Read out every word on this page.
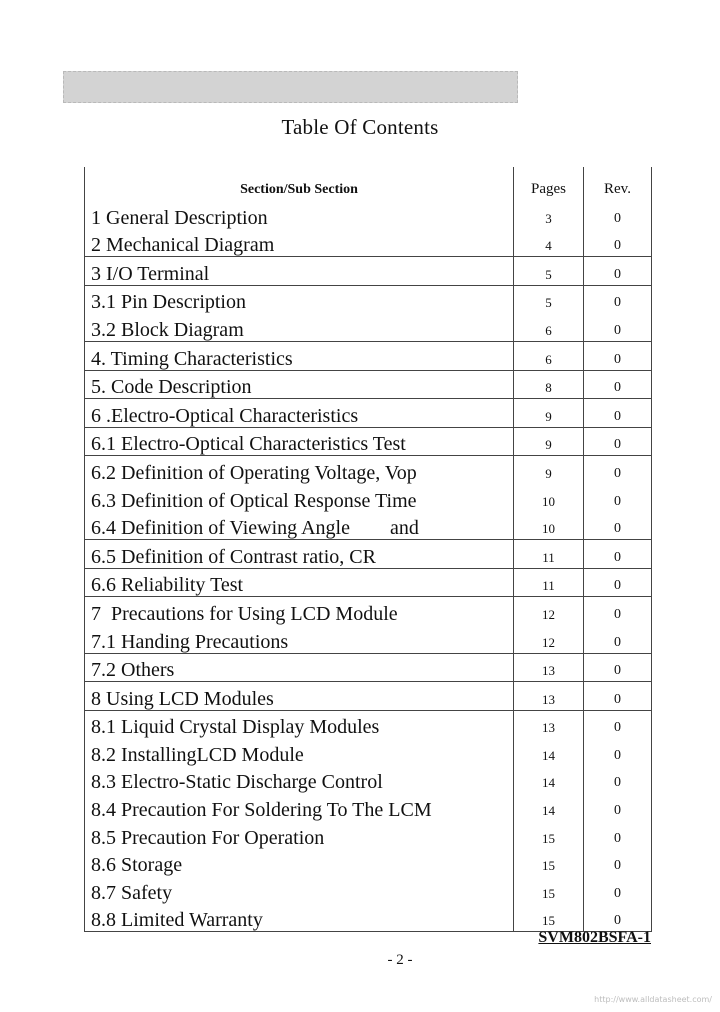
Table Of Contents
Section/Sub Section	Pages	Rev.
1 General Description	3	0
2 Mechanical Diagram	4	0
3 I/O Terminal	5	0
3.1 Pin Description	5	0
3.2 Block Diagram	6	0
4. Timing Characteristics	6	0
5. Code Description	8	0
6 .Electro-Optical Characteristics	9	0
6.1 Electro-Optical Characteristics Test	9	0
6.2 Definition of Operating Voltage, Vop	9	0
6.3 Definition of Optical Response Time	10	0
6.4 Definition of Viewing Angle        and	10	0
6.5 Definition of Contrast ratio, CR	11	0
6.6 Reliability Test	11	0
7  Precautions for Using LCD Module	12	0
7.1 Handing Precautions	12	0
7.2 Others	13	0
8 Using LCD Modules	13	0
8.1 Liquid Crystal Display Modules	13	0
8.2 InstallingLCD Module	14	0
8.3 Electro-Static Discharge Control	14	0
8.4 Precaution For Soldering To The LCM	14	0
8.5 Precaution For Operation	15	0
8.6 Storage	15	0
8.7 Safety	15	0
8.8 Limited Warranty	15	0

SVM802BSFA-1
- 2 -
http://www.alldatasheet.com/
